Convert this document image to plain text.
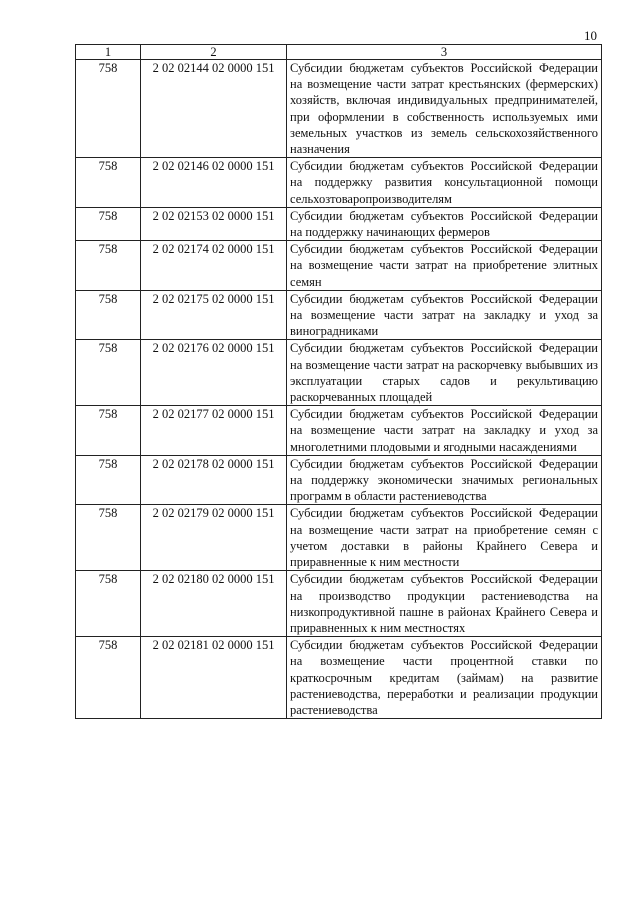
10
1	2	3
758	2 02 02144 02 0000 151	Субсидии бюджетам субъектов Российской Федерации на возмещение части затрат крестьянских (фермерских) хозяйств, включая индивидуальных предпринимателей, при оформлении в собственность используемых ими земельных участков из земель сельскохозяйственного назначения
758	2 02 02146 02 0000 151	Субсидии бюджетам субъектов Российской Федерации на поддержку развития консультационной помощи сельхозтоваропроизводителям
758	2 02 02153 02 0000 151	Субсидии бюджетам субъектов Российской Федерации на поддержку начинающих фермеров
758	2 02 02174 02 0000 151	Субсидии бюджетам субъектов Российской Федерации на возмещение части затрат на приобретение элитных семян
758	2 02 02175 02 0000 151	Субсидии бюджетам субъектов Российской Федерации на возмещение части затрат на закладку и уход за виноградниками
758	2 02 02176 02 0000 151	Субсидии бюджетам субъектов Российской Федерации на возмещение части затрат на раскорчевку выбывших из эксплуатации старых садов и рекультивацию раскорчеванных площадей
758	2 02 02177 02 0000 151	Субсидии бюджетам субъектов Российской Федерации на возмещение части затрат на закладку и уход за многолетними плодовыми и ягодными насаждениями
758	2 02 02178 02 0000 151	Субсидии бюджетам субъектов Российской Федерации на поддержку экономически значимых региональных программ в области растениеводства
758	2 02 02179 02 0000 151	Субсидии бюджетам субъектов Российской Федерации на возмещение части затрат на приобретение семян с учетом доставки в районы Крайнего Севера и приравненные к ним местности
758	2 02 02180 02 0000 151	Субсидии бюджетам субъектов Российской Федерации на производство продукции растениеводства на низкопродуктивной пашне в районах Крайнего Севера и приравненных к ним местностях
758	2 02 02181 02 0000 151	Субсидии бюджетам субъектов Российской Федерации на возмещение части процентной ставки по краткосрочным кредитам (займам) на развитие растениеводства, переработки и реализации продукции растениеводства
